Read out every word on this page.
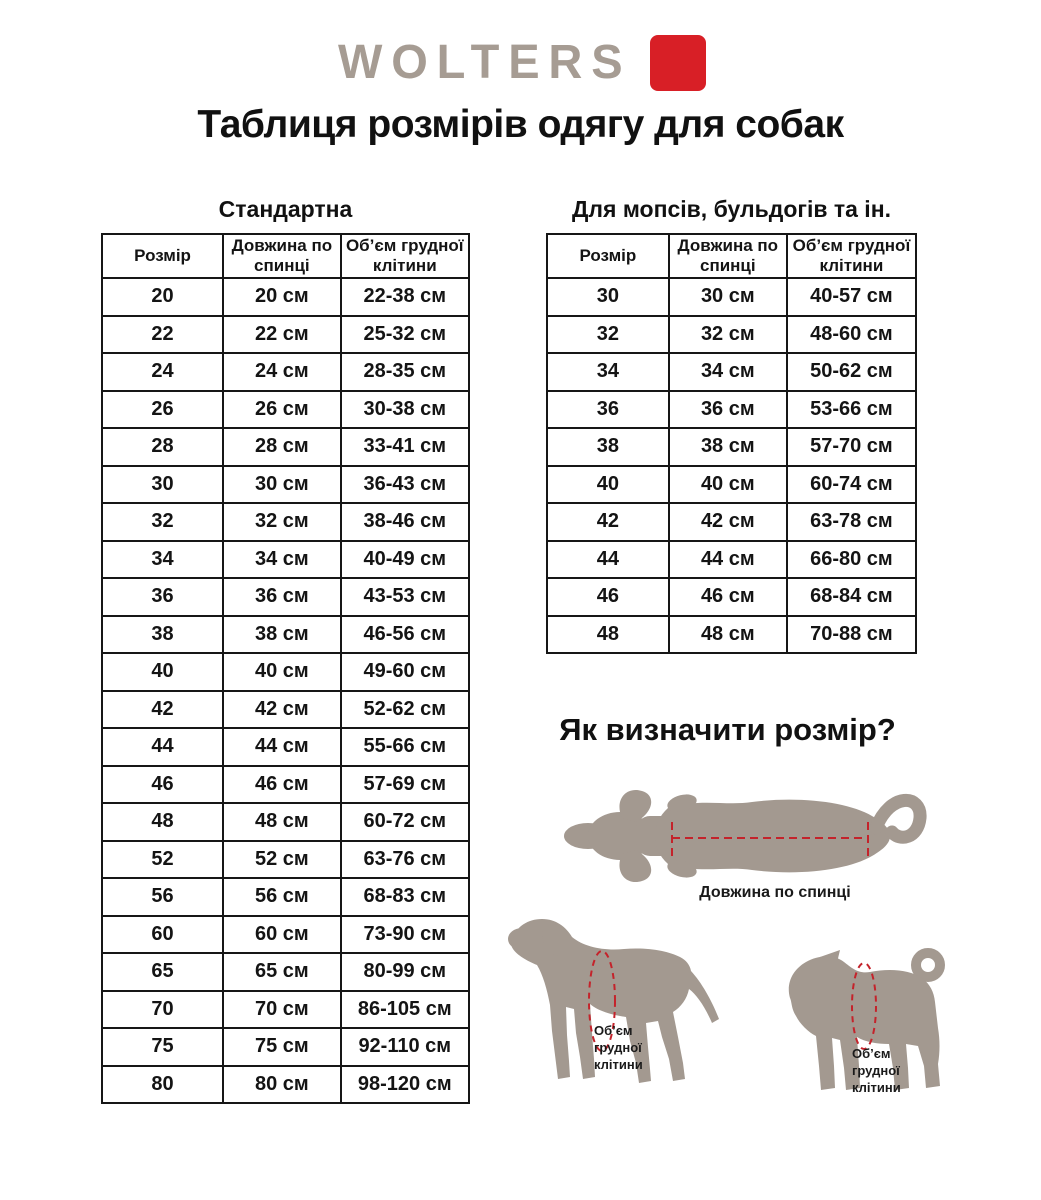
WOLTERS
Таблиця розмірів одягу для собак
Стандартна
Розмір	Довжина по спинці	Об’єм грудної клітини
20	20 см	22-38 см
22	22 см	25-32 см
24	24 см	28-35 см
26	26 см	30-38 см
28	28 см	33-41 см
30	30 см	36-43 см
32	32 см	38-46 см
34	34 см	40-49 см
36	36 см	43-53 см
38	38 см	46-56 см
40	40 см	49-60 см
42	42 см	52-62 см
44	44 см	55-66 см
46	46 см	57-69 см
48	48 см	60-72 см
52	52 см	63-76 см
56	56 см	68-83 см
60	60 см	73-90 см
65	65 см	80-99 см
70	70 см	86-105 см
75	75 см	92-110 см
80	80 см	98-120 см
Для мопсів, бульдогів та ін.
Розмір	Довжина по спинці	Об’єм грудної клітини
30	30 см	40-57 см
32	32 см	48-60 см
34	34 см	50-62 см
36	36 см	53-66 см
38	38 см	57-70 см
40	40 см	60-74 см
42	42 см	63-78 см
44	44 см	66-80 см
46	46 см	68-84 см
48	48 см	70-88 см
Як визначити розмір?
Довжина по спинці
Об’єм
грудної
клітини
Об’єм
грудної
клітини
